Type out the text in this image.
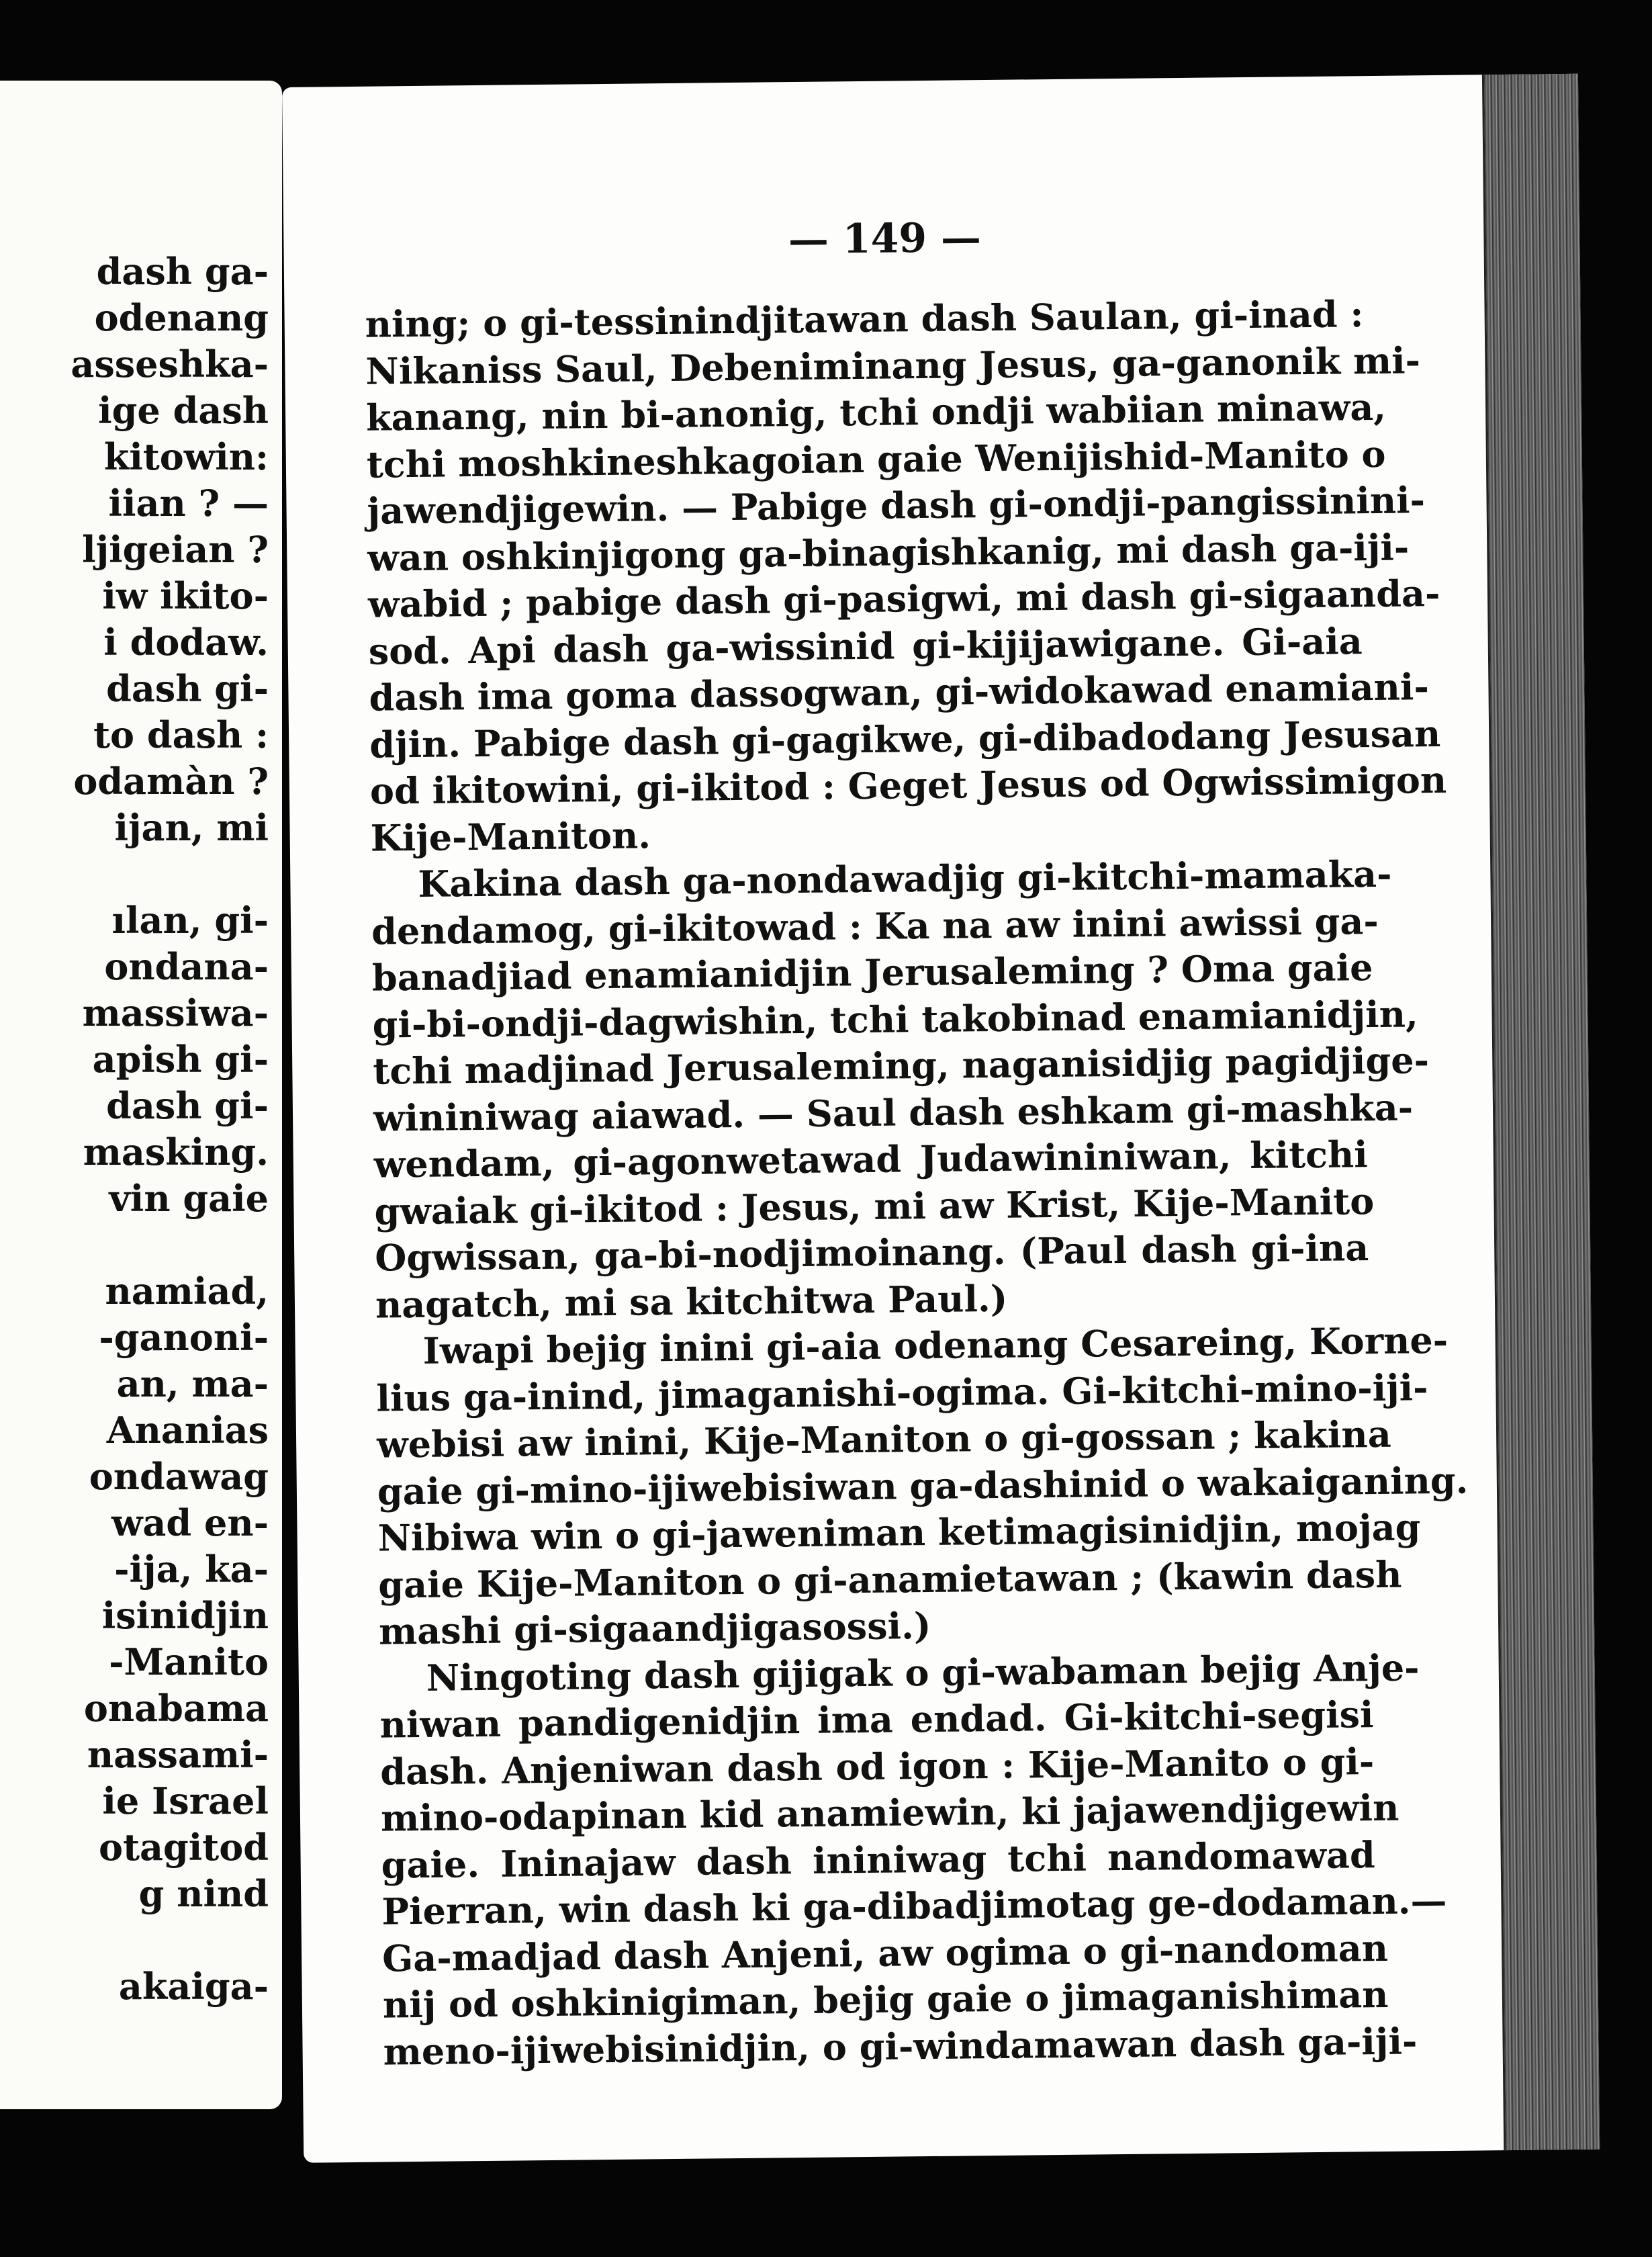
dash ga-
odenang
asseshka-
ige dash
kitowin:
iian ? —
ljigeian ?
iw ikito-
i dodaw.
dash gi-
to dash :
odamàn ?
ijan, mi

ılan, gi-
ondana-
massiwa-
apish gi-
dash gi-
masking.
vin gaie

namiad,
-ganoni-
an, ma-
Ananias
ondawag
wad en-
-ija, ka-
isinidjin
-Manito
onabama
nassami-
ie Israel
otagitod
g nind

akaiga-
— 149 —
ning; o gi-tessinindjitawan dash Saulan, gi-inad :
Nikaniss Saul, Debeniminang Jesus, ga-ganonik mi-
kanang, nin bi-anonig, tchi ondji wabiian minawa,
tchi moshkineshkagoian gaie Wenijishid-Manito o
jawendjigewin. — Pabige dash gi-ondji-pangissinini-
wan oshkinjigong ga-binagishkanig, mi dash ga-iji-
wabid ; pabige dash gi-pasigwi, mi dash gi-sigaanda-
sod. Api dash ga-wissinid gi-kijijawigane. Gi-aia
dash ima goma dassogwan, gi-widokawad enamiani-
djin. Pabige dash gi-gagikwe, gi-dibadodang Jesusan
od ikitowini, gi-ikitod : Geget Jesus od Ogwissimigon
Kije-Maniton.
Kakina dash ga-nondawadjig gi-kitchi-mamaka-
dendamog, gi-ikitowad : Ka na aw inini awissi ga-
banadjiad enamianidjin Jerusaleming ? Oma gaie
gi-bi-ondji-dagwishin, tchi takobinad enamianidjin,
tchi madjinad Jerusaleming, naganisidjig pagidjige-
wininiwag aiawad. — Saul dash eshkam gi-mashka-
wendam, gi-agonwetawad Judawininiwan, kitchi
gwaiak gi-ikitod : Jesus, mi aw Krist, Kije-Manito
Ogwissan, ga-bi-nodjimoinang. (Paul dash gi-ina
nagatch, mi sa kitchitwa Paul.)
Iwapi bejig inini gi-aia odenang Cesareing, Korne-
lius ga-inind, jimaganishi-ogima. Gi-kitchi-mino-iji-
webisi aw inini, Kije-Maniton o gi-gossan ; kakina
gaie gi-mino-ijiwebisiwan ga-dashinid o wakaiganing.
Nibiwa win o gi-jaweniman ketimagisinidjin, mojag
gaie Kije-Maniton o gi-anamietawan ; (kawin dash
mashi gi-sigaandjigasossi.)
Ningoting dash gijigak o gi-wabaman bejig Anje-
niwan pandigenidjin ima endad. Gi-kitchi-segisi
dash. Anjeniwan dash od igon : Kije-Manito o gi-
mino-odapinan kid anamiewin, ki jajawendjigewin
gaie. Ininajaw dash ininiwag tchi nandomawad
Pierran, win dash ki ga-dibadjimotag ge-dodaman.—
Ga-madjad dash Anjeni, aw ogima o gi-nandoman
nij od oshkinigiman, bejig gaie o jimaganishiman
meno-ijiwebisinidjin, o gi-windamawan dash ga-iji-
